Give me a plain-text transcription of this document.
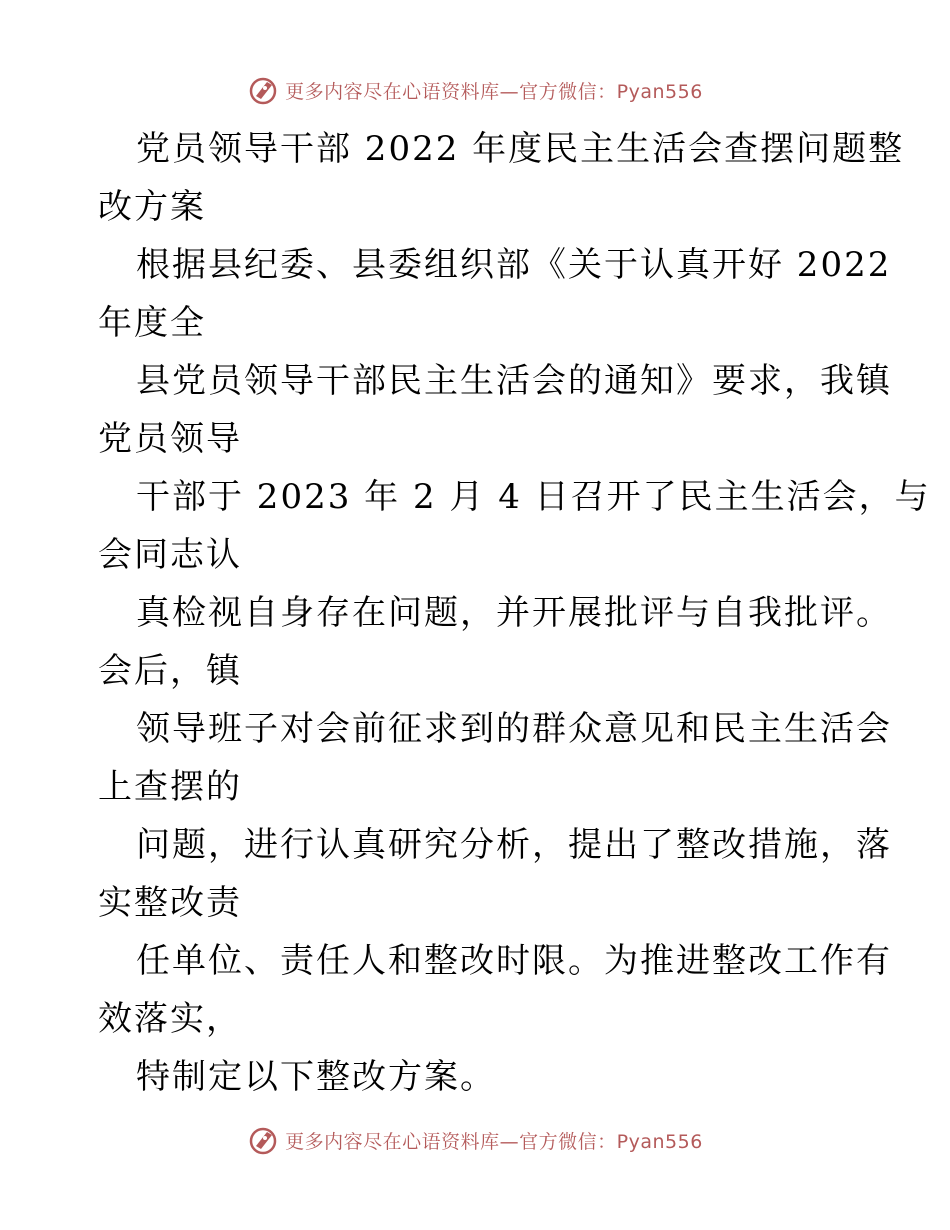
更多内容尽在心语资料库—官方微信：Pyan556
党员领导干部 2022 年度民主生活会查摆问题整
改方案
根据县纪委、县委组织部《关于认真开好 2022
年度全
县党员领导干部民主生活会的通知》要求，我镇
党员领导
干部于 2023 年 2 月 4 日召开了民主生活会，与
会同志认
真检视自身存在问题，并开展批评与自我批评。
会后，镇
领导班子对会前征求到的群众意见和民主生活会
上查摆的
问题，进行认真研究分析，提出了整改措施，落
实整改责
任单位、责任人和整改时限。为推进整改工作有
效落实，
特制定以下整改方案。
更多内容尽在心语资料库—官方微信：Pyan556
